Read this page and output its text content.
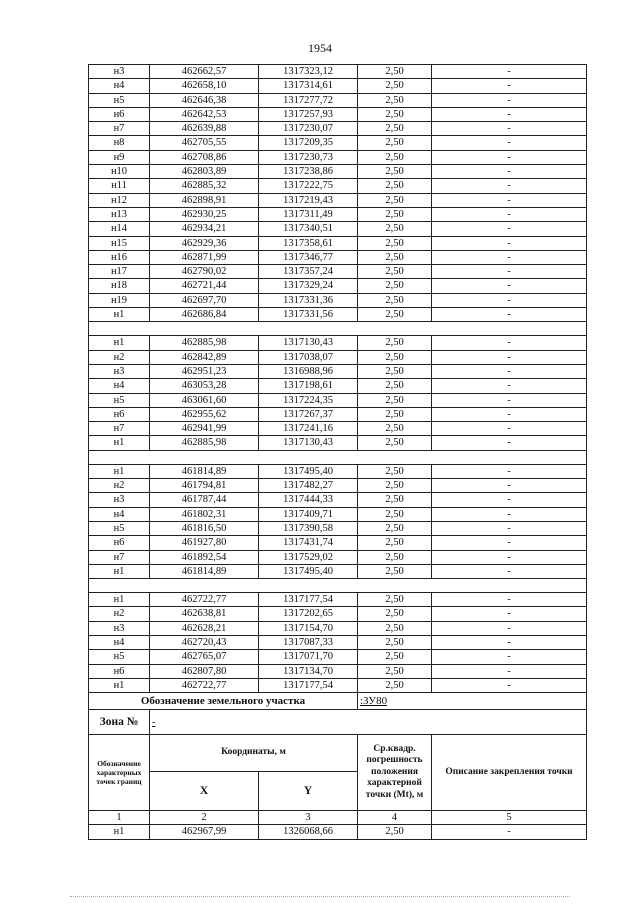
1954
н3	462662,57	1317323,12	2,50	-
н4	462658,10	1317314,61	2,50	-
н5	462646,38	1317277,72	2,50	-
н6	462642,53	1317257,93	2,50	-
н7	462639,88	1317230,07	2,50	-
н8	462705,55	1317209,35	2,50	-
н9	462708,86	1317230,73	2,50	-
н10	462803,89	1317238,86	2,50	-
н11	462885,32	1317222,75	2,50	-
н12	462898,91	1317219,43	2,50	-
н13	462930,25	1317311,49	2,50	-
н14	462934,21	1317340,51	2,50	-
н15	462929,36	1317358,61	2,50	-
н16	462871,99	1317346,77	2,50	-
н17	462790,02	1317357,24	2,50	-
н18	462721,44	1317329,24	2,50	-
н19	462697,70	1317331,36	2,50	-
н1	462686,84	1317331,56	2,50	-

н1	462885,98	1317130,43	2,50	-
н2	462842,89	1317038,07	2,50	-
н3	462951,23	1316988,96	2,50	-
н4	463053,28	1317198,61	2,50	-
н5	463061,60	1317224,35	2,50	-
н6	462955,62	1317267,37	2,50	-
н7	462941,99	1317241,16	2,50	-
н1	462885,98	1317130,43	2,50	-

н1	461814,89	1317495,40	2,50	-
н2	461794,81	1317482,27	2,50	-
н3	461787,44	1317444,33	2,50	-
н4	461802,31	1317409,71	2,50	-
н5	461816,50	1317390,58	2,50	-
н6	461927,80	1317431,74	2,50	-
н7	461892,54	1317529,02	2,50	-
н1	461814,89	1317495,40	2,50	-

н1	462722,77	1317177,54	2,50	-
н2	462638,81	1317202,65	2,50	-
н3	462628,21	1317154,70	2,50	-
н4	462720,43	1317087,33	2,50	-
н5	462765,07	1317071,70	2,50	-
н6	462807,80	1317134,70	2,50	-
н1	462722,77	1317177,54	2,50	-
Обозначение земельного участка			:ЗУ80	
Зона №	-			
Обозначение характерных точек границ	Координаты, м		Ср.квадр. погрешность положения характерной точки (Mt), м	Описание закрепления точки
	X	Y		
1	2	3	4	5
н1	462967,99	1326068,66	2,50	-
